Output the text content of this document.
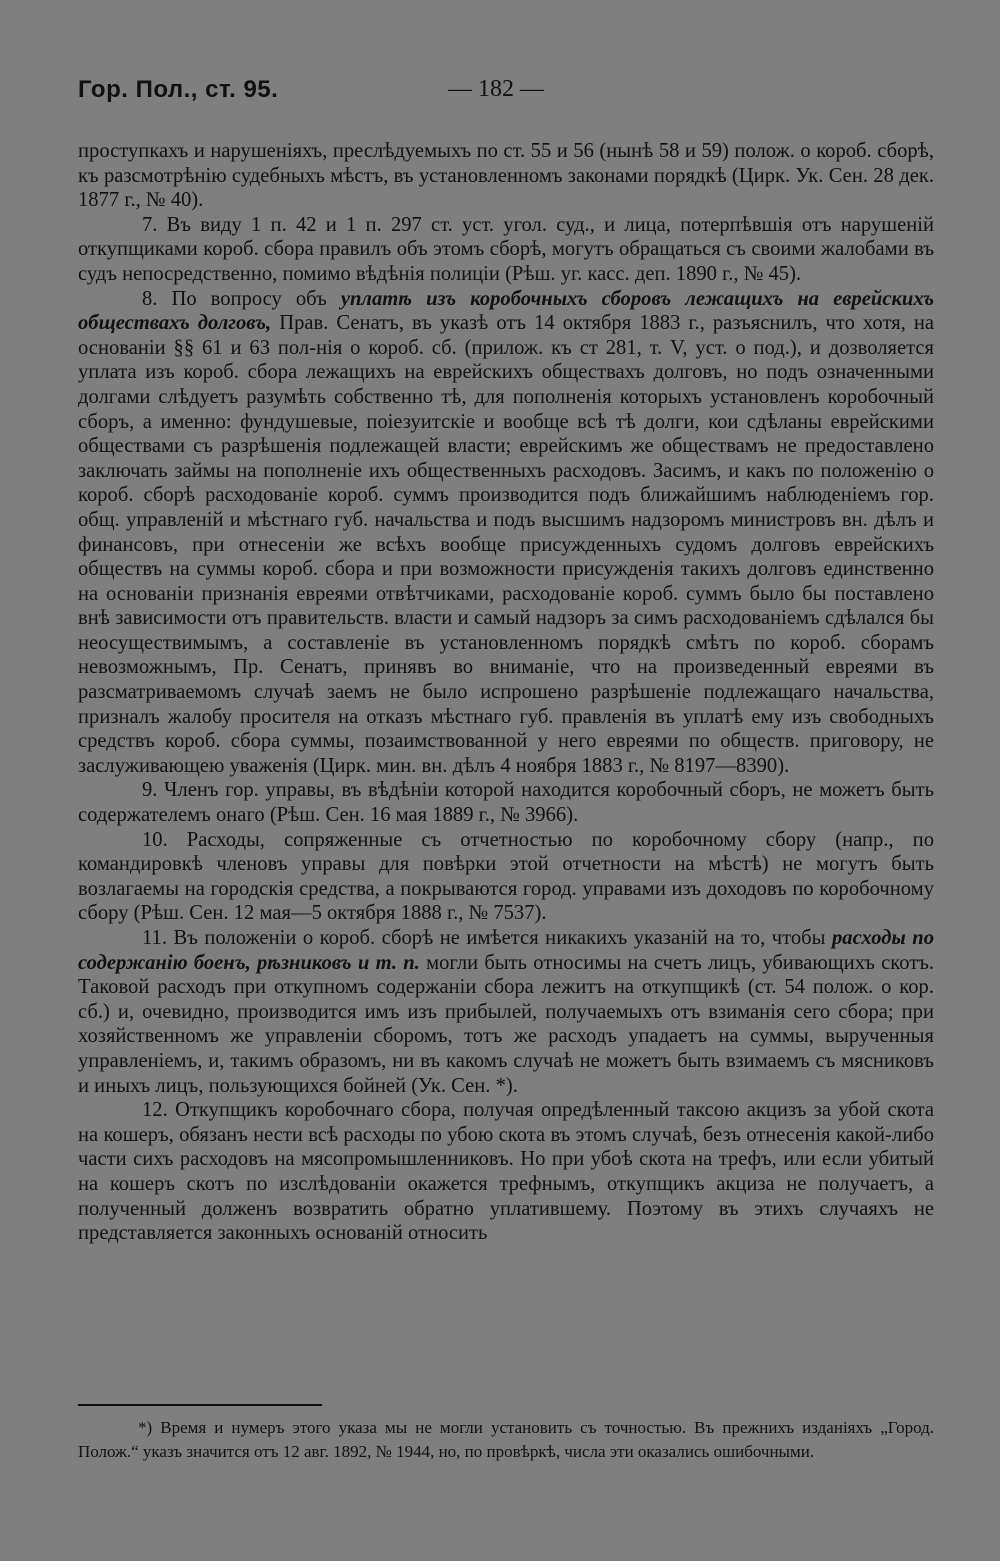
Гор. Пол., ст. 95.	— 182 —

проступкахъ и нарушеніяхъ, преслѣдуемыхъ по ст. 55 и 56 (нынѣ 58 и 59) полож. о короб. сборѣ, къ разсмотрѣнію судебныхъ мѣстъ, въ установленномъ законами порядкѣ (Цирк. Ук. Сен. 28 дек. 1877 г., № 40).

7. Въ виду 1 п. 42 и 1 п. 297 ст. уст. угол. суд., и лица, потерпѣвшія отъ нарушеній откупщиками короб. сбора правилъ объ этомъ сборѣ, могутъ обращаться съ своими жалобами въ судъ непосредственно, помимо вѣдѣнія полиціи (Рѣш. уг. касс. деп. 1890 г., № 45).

8. По вопросу объ уплатѣ изъ коробочныхъ сборовъ лежащихъ на еврейскихъ обществахъ долговъ, Прав. Сенатъ, въ указѣ отъ 14 октября 1883 г., разъяснилъ, что хотя, на основаніи §§ 61 и 63 пол-нія о короб. сб. (прилож. къ ст 281, т. V, уст. о под.), и дозволяется уплата изъ короб. сбора лежащихъ на еврейскихъ обществахъ долговъ, но подъ означенными долгами слѣдуетъ разумѣть собственно тѣ, для пополненія которыхъ установленъ коробочный сборъ, а именно: фундушевые, поіезуитскіе и вообще всѣ тѣ долги, кои сдѣланы еврейскими обществами съ разрѣшенія подлежащей власти; еврейскимъ же обществамъ не предоставлено заключать займы на пополненіе ихъ общественныхъ расходовъ. Засимъ, и какъ по положенію о короб. сборѣ расходованіе короб. суммъ производится подъ ближайшимъ наблюденіемъ гор. общ. управленій и мѣстнаго губ. начальства и подъ высшимъ надзоромъ министровъ вн. дѣлъ и финансовъ, при отнесеніи же всѣхъ вообще присужденныхъ судомъ долговъ еврейскихъ обществъ на суммы короб. сбора и при возможности присужденія такихъ долговъ единственно на основаніи признанія евреями отвѣтчиками, расходованіе короб. суммъ было бы поставлено внѣ зависимости отъ правительств. власти и самый надзоръ за симъ расходованіемъ сдѣлался бы неосуществимымъ, а составленіе въ установленномъ порядкѣ смѣтъ по короб. сборамъ невозможнымъ, Пр. Сенатъ, принявъ во вниманіе, что на произведенный евреями въ разсматриваемомъ случаѣ заемъ не было испрошено разрѣшеніе подлежащаго начальства, призналъ жалобу просителя на отказъ мѣстнаго губ. правленія въ уплатѣ ему изъ свободныхъ средствъ короб. сбора суммы, позаимствованной у него евреями по обществ. приговору, не заслуживающею уваженія (Цирк. мин. вн. дѣлъ 4 ноября 1883 г., № 8197—8390).

9. Членъ гор. управы, въ вѣдѣніи которой находится коробочный сборъ, не можетъ быть содержателемъ онаго (Рѣш. Сен. 16 мая 1889 г., № 3966).

10. Расходы, сопряженные съ отчетностью по коробочному сбору (напр., по командировкѣ членовъ управы для повѣрки этой отчетности на мѣстѣ) не могутъ быть возлагаемы на городскія средства, а покрываются город. управами изъ доходовъ по коробочному сбору (Рѣш. Сен. 12 мая—5 октября 1888 г., № 7537).

11. Въ положеніи о короб. сборѣ не имѣется никакихъ указаній на то, чтобы расходы по содержанію боенъ, рѣзниковъ и т. п. могли быть относимы на счетъ лицъ, убивающихъ скотъ. Таковой расходъ при откупномъ содержаніи сбора лежитъ на откупщикѣ (ст. 54 полож. о кор. сб.) и, очевидно, производится имъ изъ прибылей, получаемыхъ отъ взиманія сего сбора; при хозяйственномъ же управленіи сборомъ, тотъ же расходъ упадаетъ на суммы, вырученныя управленіемъ, и, такимъ образомъ, ни въ какомъ случаѣ не можетъ быть взимаемъ съ мясниковъ и иныхъ лицъ, пользующихся бойней (Ук. Сен. *).

12. Откупщикъ коробочнаго сбора, получая опредѣленный таксою акцизъ за убой скота на кошеръ, обязанъ нести всѣ расходы по убою скота въ этомъ случаѣ, безъ отнесенія какой-либо части сихъ расходовъ на мясопромышленниковъ. Но при убоѣ скота на трефъ, или если убитый на кошеръ скотъ по изслѣдованіи окажется трефнымъ, откупщикъ акциза не получаетъ, а полученный долженъ возвратить обратно уплатившему. Поэтому въ этихъ случаяхъ не представляется законныхъ основаній относить

*) Время и нумеръ этого указа мы не могли установить съ точностью. Въ прежнихъ изданіяхъ „Город. Полож.“ указъ значится отъ 12 авг. 1892, № 1944, но, по провѣркѣ, числа эти оказались ошибочными.
